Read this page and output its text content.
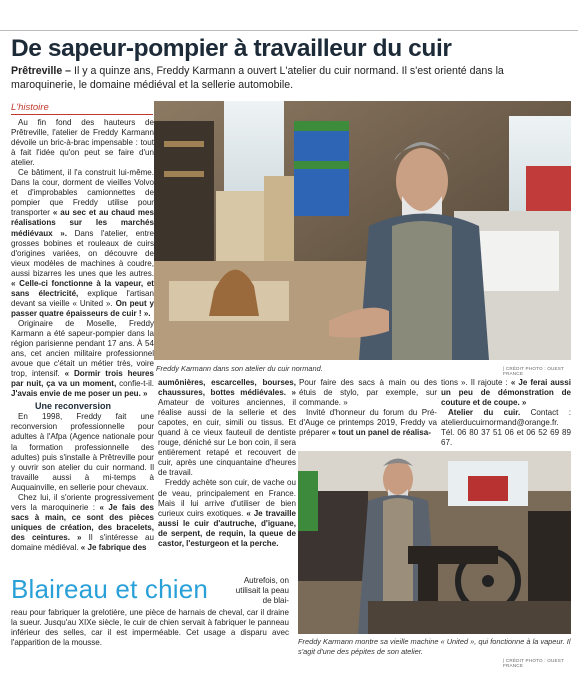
De sapeur-pompier à travailleur du cuir
Prêtreville – Il y a quinze ans, Freddy Karmann a ouvert L'atelier du cuir normand. Il s'est orienté dans la maroquinerie, le domaine médiéval et la sellerie automobile.
L'histoire

Au fin fond des hauteurs de Prêtreville, l'atelier de Freddy Karmann dévoile un bric-à-brac impensable : tout à fait l'idée qu'on peut se faire d'un atelier.

Ce bâtiment, il l'a construit lui-même. Dans la cour, dorment de vieilles Volvo et d'improbables camionnettes de pompier que Freddy utilise pour transporter « au sec et au chaud mes réalisations sur les marchés médiévaux ». Dans l'atelier, entre grosses bobines et rouleaux de cuirs d'origines variées, on découvre de vieux modèles de machines à coudre, aussi bizarres les unes que les autres. « Celle-ci fonctionne à la vapeur, et sans électricité, explique l'artisan devant sa vieille « United ». On peut y passer quatre épaisseurs de cuir ! ».

Originaire de Moselle, Freddy Karmann a été sapeur-pompier dans la région parisienne pendant 17 ans. À 54 ans, cet ancien militaire professionnel avoue que c'était un métier très, voire trop, intensif. « Dormir trois heures par nuit, ça va un moment, confie-t-il. J'avais envie de me poser un peu. »

Une reconversion

En 1998, Freddy fait une reconversion professionnelle pour adultes à l'Afpa (Agence nationale pour la formation professionnelle des adultes) puis s'installe à Prêtreville pour y ouvrir son atelier du cuir normand. Il travaille aussi à mi-temps à Auquainville, en sellerie pour chevaux.

Chez lui, il s'oriente progressivement vers la maroquinerie : « Je fais des sacs à main, ce sont des pièces uniques de création, des bracelets, des ceintures. » Il s'intéresse au domaine médiéval. « Je fabrique des

Freddy Karmann dans son atelier du cuir normand.	| CRÉDIT PHOTO : OUEST FRANCE

aumônières, escarcelles, bourses, chaussures, bottes médiévales. » Amateur de voitures anciennes, il réalise aussi de la sellerie et des capotes, en cuir, simili ou tissus. Et quand à ce vieux fauteuil de dentiste rouge, déniché sur Le bon coin, il sera entièrement retapé et recouvert de cuir, après une cinquantaine d'heures de travail.

Freddy achète son cuir, de vache ou de veau, principalement en France. Mais il lui arrive d'utiliser de bien curieux cuirs exotiques. « Je travaille aussi le cuir d'autruche, d'iguane, de serpent, de requin, la queue de castor, l'esturgeon et la perche.

Pour faire des sacs à main ou des étuis de stylo, par exemple, sur commande. »

Invité d'honneur du forum du Pré-d'Auge ce printemps 2019, Freddy va préparer « tout un panel de réalisa-

tions ». Il rajoute : « Je ferai aussi un peu de démonstration de couture et de coupe. »

Atelier du cuir. Contact : atelierducuirnormand@orange.fr. Tél. 06 80 37 51 06 et 06 52 69 89 67.

Freddy Karmann montre sa vieille machine « United », qui fonctionne à la vapeur. Il s'agit d'une des pépites de son atelier.
| CRÉDIT PHOTO : OUEST FRANCE
Blaireau et chien	Autrefois, on utilisait la peau de blai-
reau pour fabriquer la grelotière, une pièce de harnais de cheval, car il draine la sueur. Jusqu'au XIXe siècle, le cuir de chien servait à fabriquer le panneau inférieur des selles, car il est imperméable. Cet usage a disparu avec l'apparition de la mousse.
